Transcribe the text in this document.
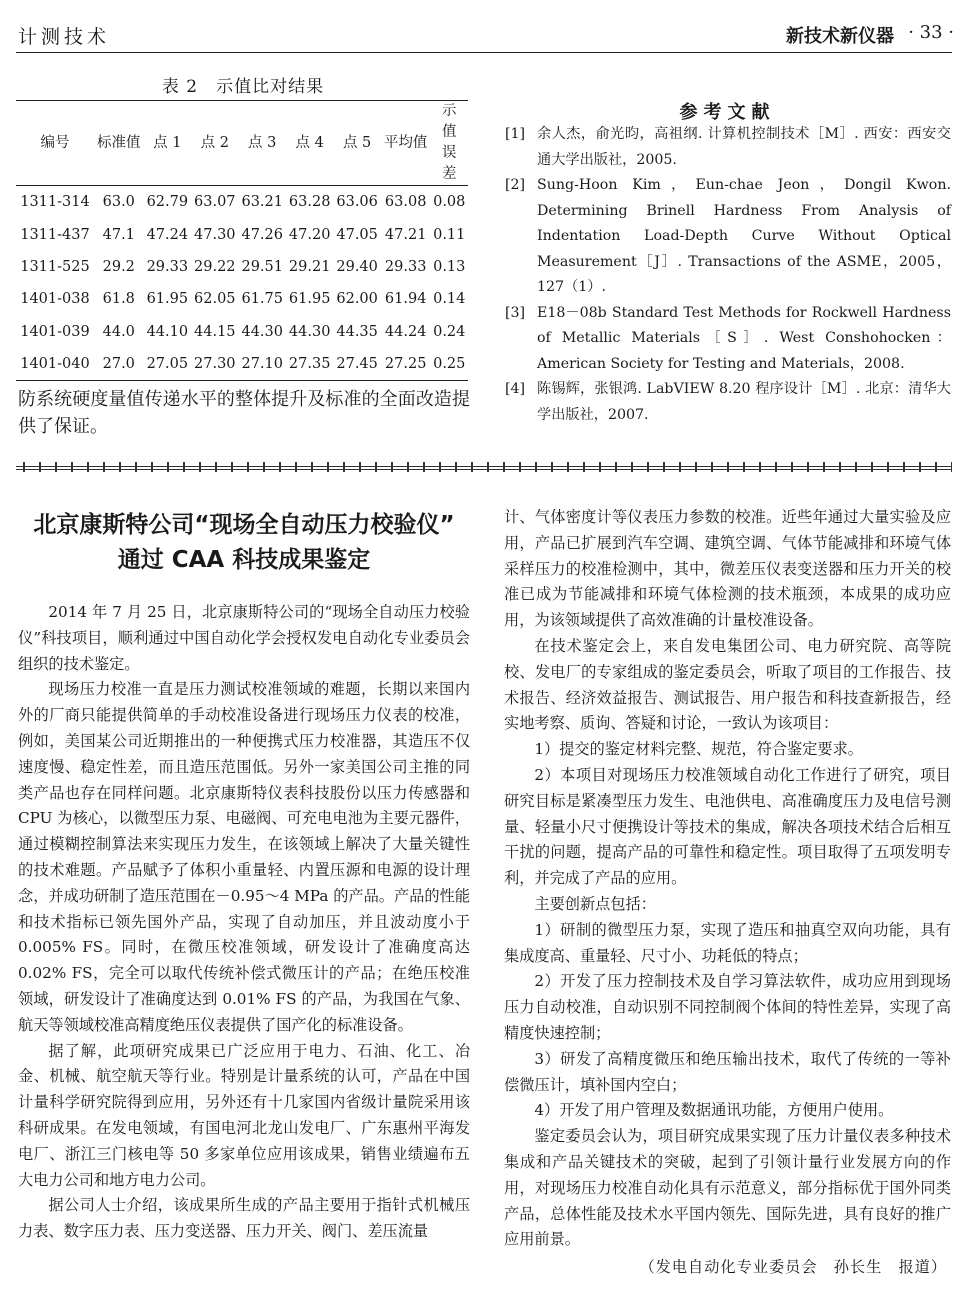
计测技术	新技术新仪器 · 33 ·
表 2　示值比对结果
编号	标准值	点 1	点 2	点 3	点 4	点 5	平均值	示值误差
1311-314	63.0	62.79	63.07	63.21	63.28	63.06	63.08	0.08
1311-437	47.1	47.24	47.30	47.26	47.20	47.05	47.21	0.11
1311-525	29.2	29.33	29.22	29.51	29.21	29.40	29.33	0.13
1401-038	61.8	61.95	62.05	61.75	61.95	62.00	61.94	0.14
1401-039	44.0	44.10	44.15	44.30	44.30	44.35	44.24	0.24
1401-040	27.0	27.05	27.30	27.10	27.35	27.45	27.25	0.25
防系统硬度量值传递水平的整体提升及标准的全面改造提供了保证。
参考文献
[1] 余人杰，俞光昀，高祖纲. 计算机控制技术［M］. 西安：西安交通大学出版社，2005.
[2] Sung-Hoon Kim，Eun-chae Jeon，Dongil Kwon. Determining Brinell Hardness From Analysis of Indentation Load-Depth Curve Without Optical Measurement［J］. Transactions of the ASME，2005，127（1）.
[3] E18－08b Standard Test Methods for Rockwell Hardness of Metallic Materials［S］. West Conshohocken：American Society for Testing and Materials，2008.
[4] 陈锡辉，张银鸿. LabVIEW 8.20 程序设计［M］. 北京：清华大学出版社，2007.
北京康斯特公司“现场全自动压力校验仪”
通过 CAA 科技成果鉴定

2014 年 7 月 25 日，北京康斯特公司的“现场全自动压力校验仪”科技项目，顺利通过中国自动化学会授权发电自动化专业委员会组织的技术鉴定。

现场压力校准一直是压力测试校准领域的难题，长期以来国内外的厂商只能提供简单的手动校准设备进行现场压力仪表的校准，例如，美国某公司近期推出的一种便携式压力校准器，其造压不仅速度慢、稳定性差，而且造压范围低。另外一家美国公司主推的同类产品也存在同样问题。北京康斯特仪表科技股份以压力传感器和 CPU 为核心，以微型压力泵、电磁阀、可充电电池为主要元器件，通过模糊控制算法来实现压力发生，在该领域上解决了大量关键性的技术难题。产品赋予了体积小重量轻、内置压源和电源的设计理念，并成功研制了造压范围在－0.95～4 MPa 的产品。产品的性能和技术指标已领先国外产品，实现了自动加压，并且波动度小于 0.005% FS。同时，在微压校准领域，研发设计了准确度高达 0.02% FS，完全可以取代传统补偿式微压计的产品；在绝压校准领域，研发设计了准确度达到 0.01% FS 的产品，为我国在气象、航天等领域校准高精度绝压仪表提供了国产化的标准设备。

据了解，此项研究成果已广泛应用于电力、石油、化工、冶金、机械、航空航天等行业。特别是计量系统的认可，产品在中国计量科学研究院得到应用，另外还有十几家国内省级计量院采用该科研成果。在发电领域，有国电河北龙山发电厂、广东惠州平海发电厂、浙江三门核电等 50 多家单位应用该成果，销售业绩遍布五大电力公司和地方电力公司。

据公司人士介绍，该成果所生成的产品主要用于指针式机械压力表、数字压力表、压力变送器、压力开关、阀门、差压流量

计、气体密度计等仪表压力参数的校准。近些年通过大量实验及应用，产品已扩展到汽车空调、建筑空调、气体节能减排和环境气体采样压力的校准检测中，其中，微差压仪表变送器和压力开关的校准已成为节能减排和环境气体检测的技术瓶颈，本成果的成功应用，为该领域提供了高效准确的计量校准设备。

在技术鉴定会上，来自发电集团公司、电力研究院、高等院校、发电厂的专家组成的鉴定委员会，听取了项目的工作报告、技术报告、经济效益报告、测试报告、用户报告和科技查新报告，经实地考察、质询、答疑和讨论，一致认为该项目：

1）提交的鉴定材料完整、规范，符合鉴定要求。

2）本项目对现场压力校准领域自动化工作进行了研究，项目研究目标是紧凑型压力发生、电池供电、高准确度压力及电信号测量、轻量小尺寸便携设计等技术的集成，解决各项技术结合后相互干扰的问题，提高产品的可靠性和稳定性。项目取得了五项发明专利，并完成了产品的应用。

主要创新点包括：

1）研制的微型压力泵，实现了造压和抽真空双向功能，具有集成度高、重量轻、尺寸小、功耗低的特点；

2）开发了压力控制技术及自学习算法软件，成功应用到现场压力自动校准，自动识别不同控制阀个体间的特性差异，实现了高精度快速控制；

3）研发了高精度微压和绝压输出技术，取代了传统的一等补偿微压计，填补国内空白；

4）开发了用户管理及数据通讯功能，方便用户使用。

鉴定委员会认为，项目研究成果实现了压力计量仪表多种技术集成和产品关键技术的突破，起到了引领计量行业发展方向的作用，对现场压力校准自动化具有示范意义，部分指标优于国外同类产品，总体性能及技术水平国内领先、国际先进，具有良好的推广应用前景。

（发电自动化专业委员会　孙长生　报道）
